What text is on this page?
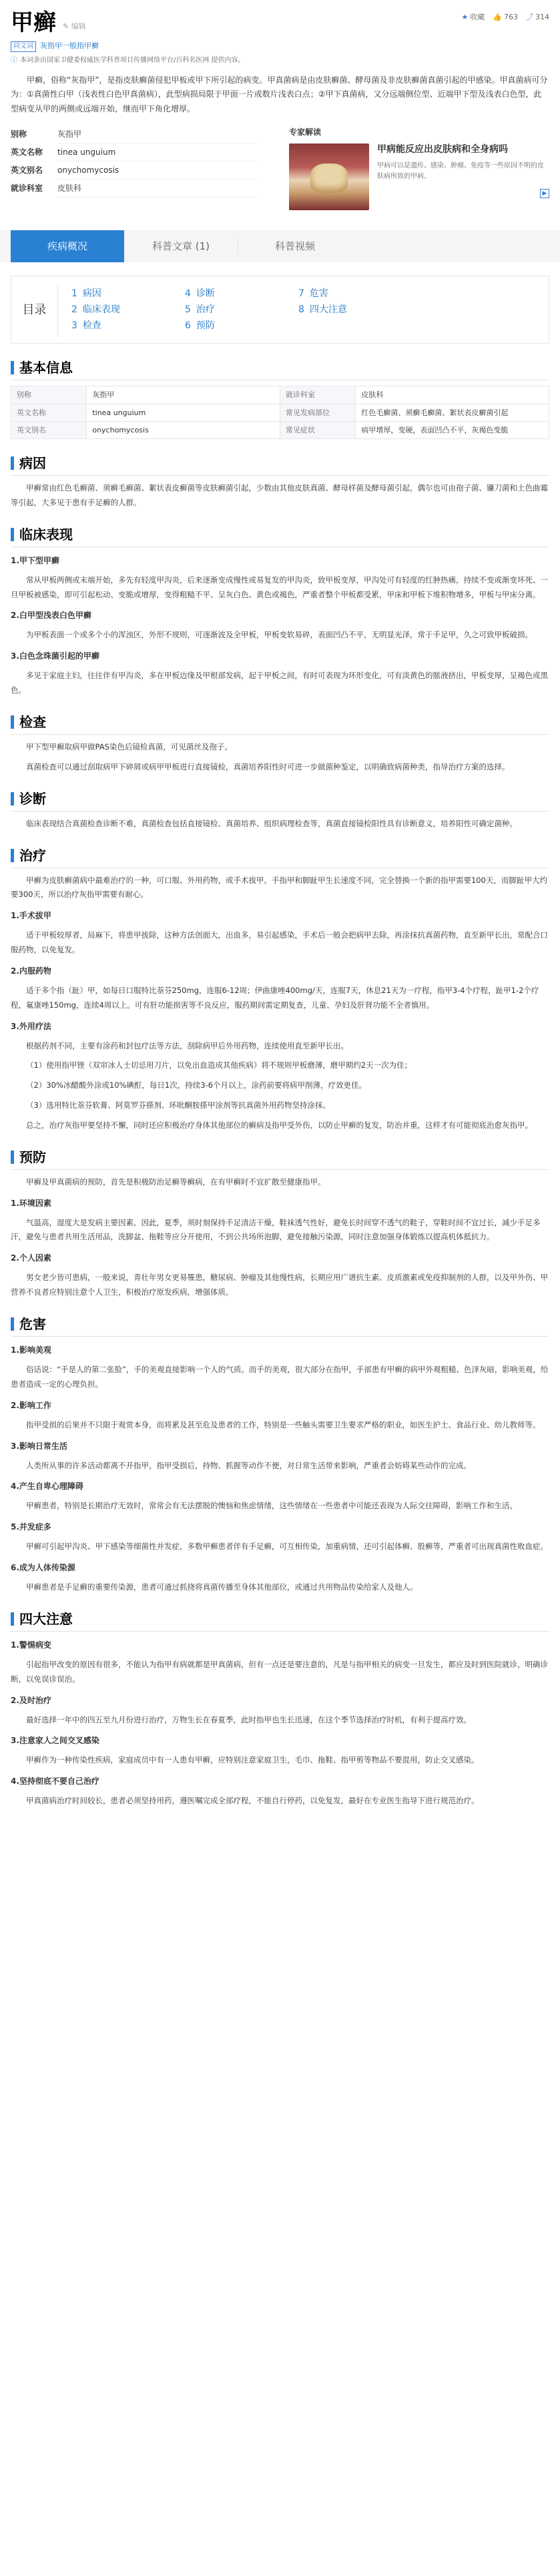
甲癣 ✎ 编辑
★ 收藏 👍 763 ⤴ 314
同义词 灰指甲一般指甲癣
ⓘ 本词条由国家卫健委权威医学科普项目传播网络平台/百科名医网 提供内容。
甲癣，俗称“灰指甲”，是指皮肤癣菌侵犯甲板或甲下所引起的病变。甲真菌病是由皮肤癣菌、酵母菌及非皮肤癣菌真菌引起的甲感染。甲真菌病可分为：①真菌性白甲（浅表性白色甲真菌病），此型病损局限于甲面一片或数片浅表白点；②甲下真菌病，又分远端侧位型、近端甲下型及浅表白色型，此型病变从甲的两侧或远端开始，继而甲下角化增厚。
别称	灰指甲
英文名称	tinea unguium
英文别名	onychomycosis
就诊科室	皮肤科
专家解读
甲病能反应出皮肤病和全身病吗
甲病可以是遗传、感染、肿瘤、免疫等一些原因不明的皮肤病所致的甲病。
▶
疾病概况	科普文章 (1)	科普视频
目录
1 病因	4 诊断	7 危害
2 临床表现	5 治疗	8 四大注意
3 检查	6 预防
基本信息
别称	灰指甲	就诊科室	皮肤科
英文名称	tinea unguium	常见发病部位	红色毛癣菌、须癣毛癣菌、絮状表皮癣菌引起
英文别名	onychomycosis	常见症状	病甲增厚，变硬，表面凹凸不平，灰褐色变脆
病因

甲癣常由红色毛癣菌、须癣毛癣菌、絮状表皮癣菌等皮肤癣菌引起，少数由其他皮肤真菌、酵母样菌及酵母菌引起，偶尔也可由孢子菌、镰刀菌和土色曲霉等引起，大多见于患有手足癣的人群。

临床表现
1.甲下型甲癣

常从甲板两侧或末端开始，多先有轻度甲沟炎，后来逐渐变成慢性或易复发的甲沟炎，致甲板变厚，甲沟处可有轻度的红肿热痛，持续不变或渐变坏死、一旦甲板被感染，即可引起松动、变脆或增厚，变得粗糙不平、呈灰白色、黄色或褐色，严重者整个甲板都受累，甲床和甲板下堆积物增多，甲板与甲床分离。

2.白甲型浅表白色甲癣

为甲板表面一个或多个小的浑浊区，外形不规则，可逐渐波及全甲板，甲板变软易碎，表面凹凸不平，无明显光泽，常于手足甲，久之可致甲板破损。

3.白色念珠菌引起的甲癣

多见于家庭主妇，往往伴有甲沟炎，多在甲板边缘及甲根部发病，起于甲板之间，有时可表现为环形变化，可有淡黄色的脓液挤出，甲板变厚，呈褐色或黑色。

检查

甲下型甲癣取病甲做PAS染色后镜检真菌，可见菌丝及孢子。

真菌检查可以通过刮取病甲下碎屑或病甲甲板进行直接镜检，真菌培养阳性时可进一步做菌种鉴定，以明确致病菌种类，指导治疗方案的选择。

诊断

临床表现结合真菌检查诊断不难，真菌检查包括直接镜检、真菌培养、组织病理检查等，真菌直接镜检阳性具有诊断意义，培养阳性可确定菌种。

治疗

甲癣为皮肤癣菌病中最难治疗的一种，可口服、外用药物，或手术拔甲。手指甲和脚趾甲生长速度不同，完全替换一个新的指甲需要100天，而脚趾甲大约要300天，所以治疗灰指甲需要有耐心。

1.手术拔甲

适于甲板较厚者，局麻下，将患甲拔除，这种方法创面大，出血多，易引起感染，手术后一般会把病甲去除，再涂抹抗真菌药物，直至新甲长出，常配合口服药物，以免复发。

2.内服药物

适于多个指（趾）甲，如每日口服特比萘芬250mg，连服6-12周；伊曲康唑400mg/天，连服7天，休息21天为一疗程，指甲3-4个疗程，趾甲1-2个疗程，氟康唑150mg，连续4周以上。可有肝功能损害等不良反应，服药期间需定期复查，儿童、孕妇及肝肾功能不全者慎用。

3.外用疗法

根据药剂不同，主要有涂药和封包疗法等方法，刮除病甲后外用药物，连续使用直至新甲长出。

（1）使用指甲锉（双帘冰人士切忌用刀片，以免出血造成其他疾病）将不规则甲板磨薄，磨甲期约2天一次为佳；

（2）30%冰醋酸外涂或10%碘酊，每日1次，持续3-6个月以上，涂药前要将病甲削薄，疗效更佳。

（3）选用特比萘芬软膏、阿莫罗芬搽剂、环吡酮胺搽甲涂剂等抗真菌外用药物坚持涂抹。

总之，治疗灰指甲要坚持不懈，同时还应积极治疗身体其他部位的癣病及指甲受外伤，以防止甲癣的复发，防治并重，这样才有可能彻底治愈灰指甲。

预防

甲癣及甲真菌病的预防，首先是积极防治足癣等癣病，在有甲癣时不宜扩散至健康指甲。

1.环境因素

气温高，湿度大是发病主要因素。因此，夏季，须时刻保持手足清洁干燥，鞋袜透气性好，避免长时间穿不透气的鞋子，穿鞋时间不宜过长，减少手足多汗，避免与患者共用生活用品，洗脚盆、拖鞋等应分开使用，不到公共场所泡脚，避免接触污染源，同时注意加强身体锻炼以提高机体抵抗力。

2.个人因素

男女老少皆可患病，一般来说，青壮年男女更易罹患，糖尿病、肿瘤及其他慢性病，长期应用广谱抗生素、皮质激素或免疫抑制剂的人群，以及甲外伤、甲营养不良者应特别注意个人卫生，积极治疗原发疾病，增强体质。

危害
1.影响美观

俗话说：“手是人的第二张脸”，手的美观直接影响一个人的气质。而手的美观，很大部分在指甲，手部患有甲癣的病甲外观粗糙、色泽灰暗，影响美观，给患者造成一定的心理负担。

2.影响工作

指甲受损的后果并不只限于观赏本身，而将累及甚至危及患者的工作，特别是一些触头需要卫生要求严格的职业，如医生护士、食品行业、幼儿教师等。

3.影响日常生活

人类所从事的许多活动都离不开指甲，指甲受损后，持物、抓握等动作不便，对日常生活带来影响，严重者会妨碍某些动作的完成。

4.产生自卑心理障碍

甲癣患者，特别是长期治疗无效时，常常会有无法摆脱的懊恼和焦虑情绪，这些情绪在一些患者中可能还表现为人际交往障碍，影响工作和生活。

5.并发症多

甲癣可引起甲沟炎、甲下感染等细菌性并发症，多数甲癣患者伴有手足癣，可互相传染，加重病情，还可引起体癣、股癣等，严重者可出现真菌性败血症。

6.成为人体传染源

甲癣患者是手足癣的重要传染源，患者可通过抓挠将真菌传播至身体其他部位，或通过共用物品传染给家人及他人。

四大注意
1.警惕病变

引起指甲改变的原因有很多，不能认为指甲有病就都是甲真菌病，但有一点还是要注意的，凡是与指甲相关的病变一旦发生，都应及时到医院就诊，明确诊断，以免误诊误治。

2.及时治疗

最好选择一年中的四五至九月份进行治疗，万物生长在春夏季，此时指甲也生长迅速，在这个季节选择治疗时机，有利于提高疗效。

3.注意家人之间交叉感染

甲癣作为一种传染性疾病，家庭成员中有一人患有甲癣，应特别注意家庭卫生，毛巾、拖鞋、指甲剪等物品不要混用，防止交叉感染。

4.坚持彻底不要自己治疗

甲真菌病治疗时间较长，患者必须坚持用药，遵医嘱完成全部疗程，不能自行停药，以免复发，最好在专业医生指导下进行规范治疗。
